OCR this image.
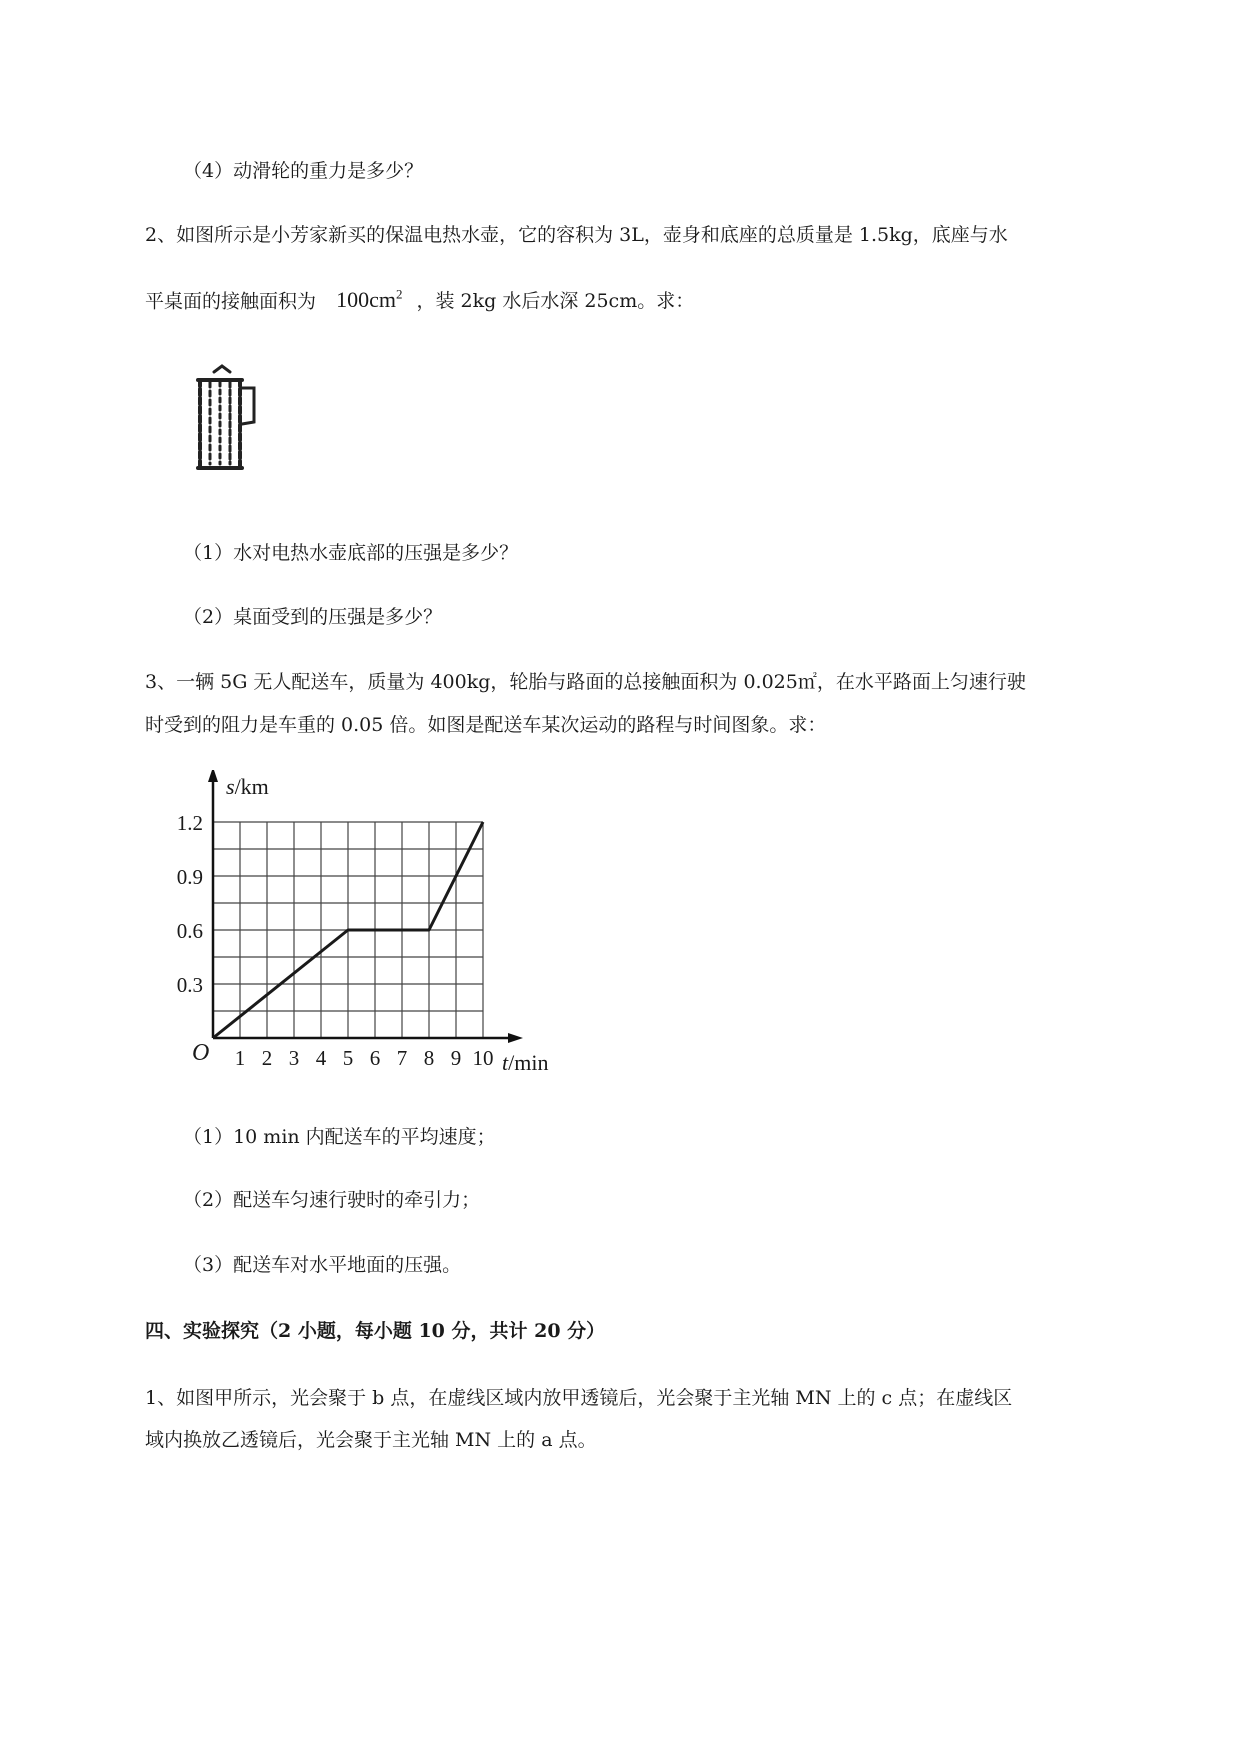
（4）动滑轮的重力是多少？
2、如图所示是小芳家新买的保温电热水壶，它的容积为 3L，壶身和底座的总质量是 1.5kg，底座与水
平桌面的接触面积为 $100cm^2$ ，装 2kg 水后水深 25cm。求：
（1）水对电热水壶底部的压强是多少？
（2）桌面受到的压强是多少？
3、一辆 5G 无人配送车，质量为 400kg，轮胎与路面的总接触面积为 0.025㎡，在水平路面上匀速行驶
时受到的阻力是车重的 0.05 倍。如图是配送车某次运动的路程与时间图象。求：
1 2 3 4 5 6 7 8 9 10
0.3
0.6
0.9
1.2
O
s/km
t/min
（1）10 min 内配送车的平均速度；
（2）配送车匀速行驶时的牵引力；
（3）配送车对水平地面的压强。
四、实验探究（2 小题，每小题 10 分，共计 20 分）
1、如图甲所示，光会聚于 b 点，在虚线区域内放甲透镜后，光会聚于主光轴 MN 上的 c 点；在虚线区
域内换放乙透镜后，光会聚于主光轴 MN 上的 a 点。
